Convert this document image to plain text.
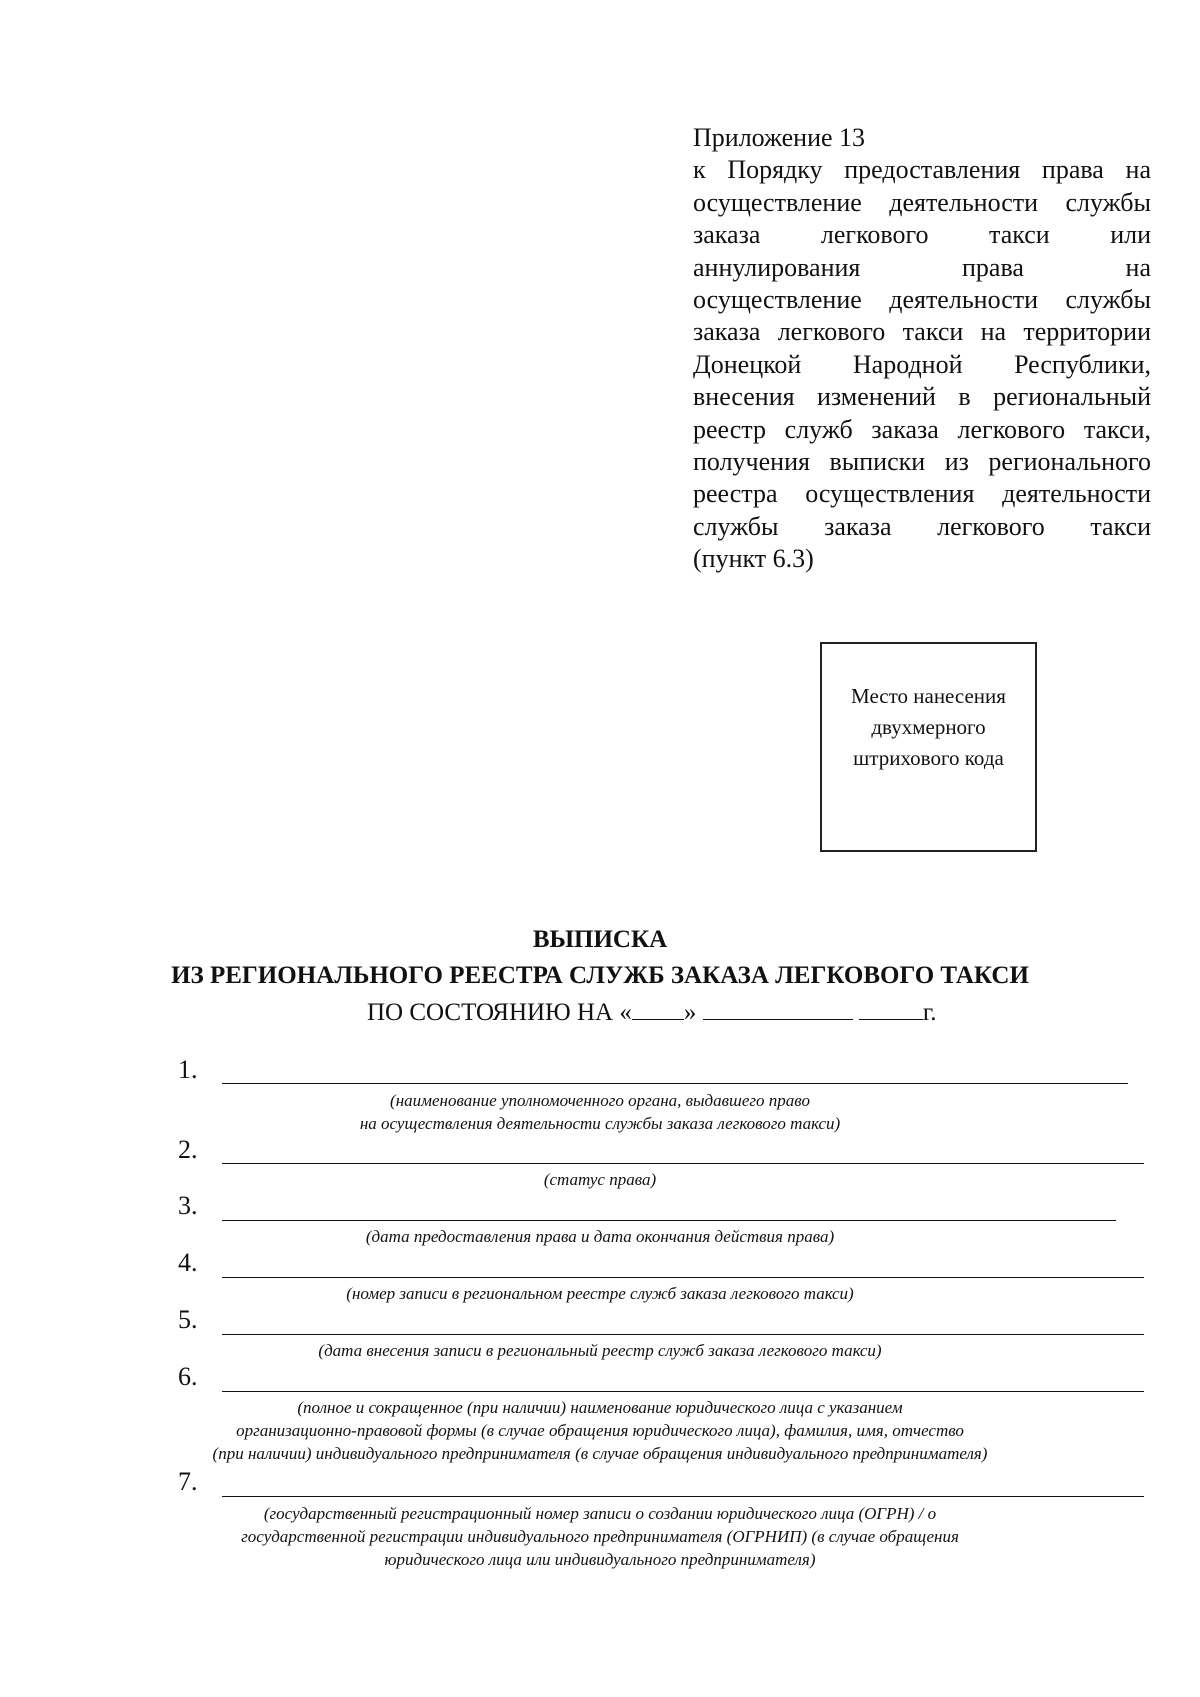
Приложение 13
к Порядку предоставления права на
осуществление деятельности службы
заказа легкового такси или
аннулирования права на
осуществление деятельности службы
заказа легкового такси на территории
Донецкой Народной Республики,
внесения изменений в региональный
реестр служб заказа легкового такси,
получения выписки из регионального
реестра осуществления деятельности
службы заказа легкового такси
(пункт 6.3)
Место нанесения
двухмерного
штрихового кода
ВЫПИСКА
ИЗ РЕГИОНАЛЬНОГО РЕЕСТРА СЛУЖБ ЗАКАЗА ЛЕГКОВОГО ТАКСИ
ПО СОСТОЯНИЮ НА « »	г.
1.
(наименование уполномоченного органа, выдавшего право
на осуществления деятельности службы заказа легкового такси)
2.
(статус права)
3.
(дата предоставления права и дата окончания действия права)
4.
(номер записи в региональном реестре служб заказа легкового такси)
5.
(дата внесения записи в региональный реестр служб заказа легкового такси)
6.
(полное и сокращенное (при наличии) наименование юридического лица с указанием
организационно-правовой формы (в случае обращения юридического лица), фамилия, имя, отчество
(при наличии) индивидуального предпринимателя (в случае обращения индивидуального предпринимателя)
7.
(государственный регистрационный номер записи о создании юридического лица (ОГРН) / о
государственной регистрации индивидуального предпринимателя (ОГРНИП) (в случае обращения
юридического лица или индивидуального предпринимателя)
